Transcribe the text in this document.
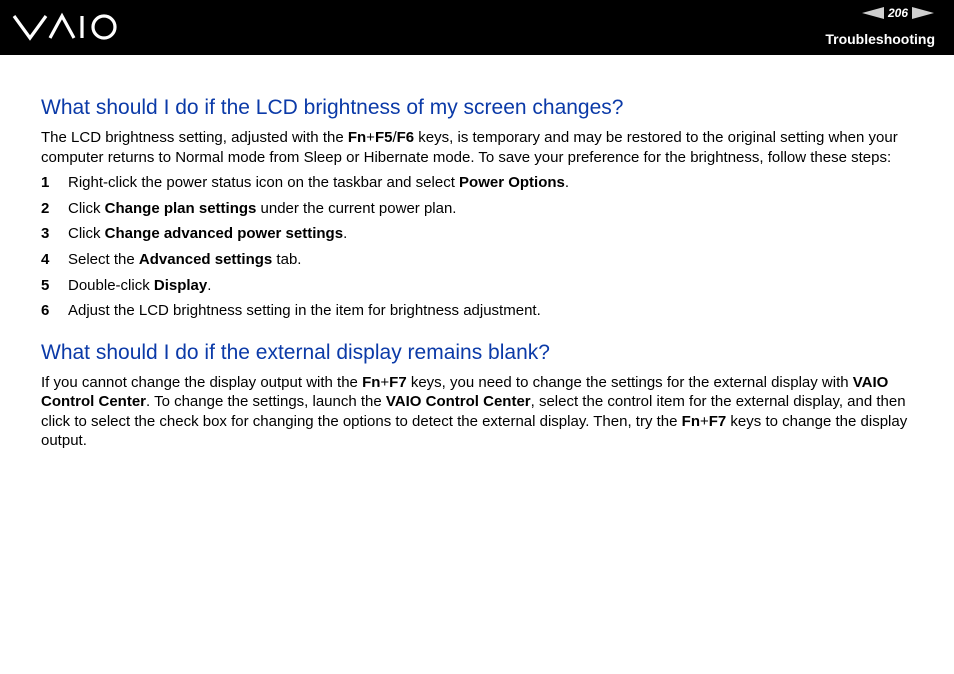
206
Troubleshooting
What should I do if the LCD brightness of my screen changes?

The LCD brightness setting, adjusted with the Fn+F5/F6 keys, is temporary and may be restored to the original setting when your computer returns to Normal mode from Sleep or Hibernate mode. To save your preference for the brightness, follow these steps:

1	Right-click the power status icon on the taskbar and select Power Options.
2	Click Change plan settings under the current power plan.
3	Click Change advanced power settings.
4	Select the Advanced settings tab.
5	Double-click Display.
6	Adjust the LCD brightness setting in the item for brightness adjustment.
What should I do if the external display remains blank?

If you cannot change the display output with the Fn+F7 keys, you need to change the settings for the external display with VAIO Control Center. To change the settings, launch the VAIO Control Center, select the control item for the external display, and then click to select the check box for changing the options to detect the external display. Then, try the Fn+F7 keys to change the display output.
